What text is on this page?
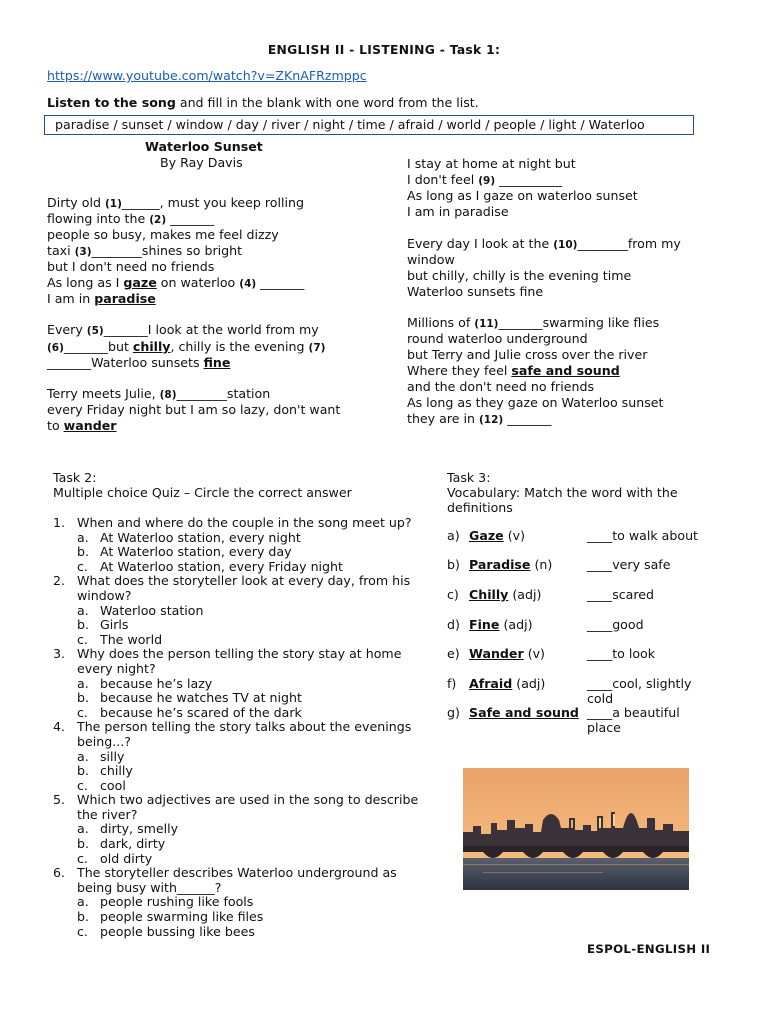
ENGLISH II - LISTENING - Task 1:
https://www.youtube.com/watch?v=ZKnAFRzmppc
Listen to the song and fill in the blank with one word from the list.
paradise / sunset / window / day / river / night / time / afraid / world / people / light / Waterloo
Waterloo Sunset
By Ray Davis
Dirty old (1)______, must you keep rolling
flowing into the (2) _______
people so busy, makes me feel dizzy
taxi (3)________shines so bright
but I don't need no friends
As long as I gaze on waterloo (4) _______
I am in paradise
Every (5)_______I look at the world from my
(6)_______but chilly, chilly is the evening (7)
_______Waterloo sunsets fine
Terry meets Julie, (8)________station
every Friday night but I am so lazy, don't want
to wander
I stay at home at night but
I don't feel (9) __________
As long as I gaze on waterloo sunset
I am in paradise
Every day I look at the (10)________from my
window
but chilly, chilly is the evening time
Waterloo sunsets fine
Millions of (11)_______swarming like flies
round waterloo underground
but Terry and Julie cross over the river
Where they feel safe and sound
and the don't need no friends
As long as they gaze on Waterloo sunset
they are in (12) _______
Task 2:
Multiple choice Quiz – Circle the correct answer
1. When and where do the couple in the song meet up?
a. At Waterloo station, every night
b. At Waterloo station, every day
c. At Waterloo station, every Friday night
2. What does the storyteller look at every day, from his window?
a. Waterloo station
b. Girls
c. The world
3. Why does the person telling the story stay at home every night?
a. because he’s lazy
b. because he watches TV at night
c. because he’s scared of the dark
4. The person telling the story talks about the evenings being...?
a. silly
b. chilly
c. cool
5. Which two adjectives are used in the song to describe the river?
a. dirty, smelly
b. dark, dirty
c. old dirty
6. The storyteller describes Waterloo underground as being busy with______?
a. people rushing like fools
b. people swarming like files
c. people bussing like bees
Task 3:
Vocabulary: Match the word with the definitions
a) Gaze (v)	____to walk about
b) Paradise (n)	____very safe
c) Chilly (adj)	____scared
d) Fine (adj)	____good
e) Wander (v)	____to look
f)	Afraid (adj)	____cool, slightly cold
g) Safe and sound ____a beautiful place
ESPOL-ENGLISH II
